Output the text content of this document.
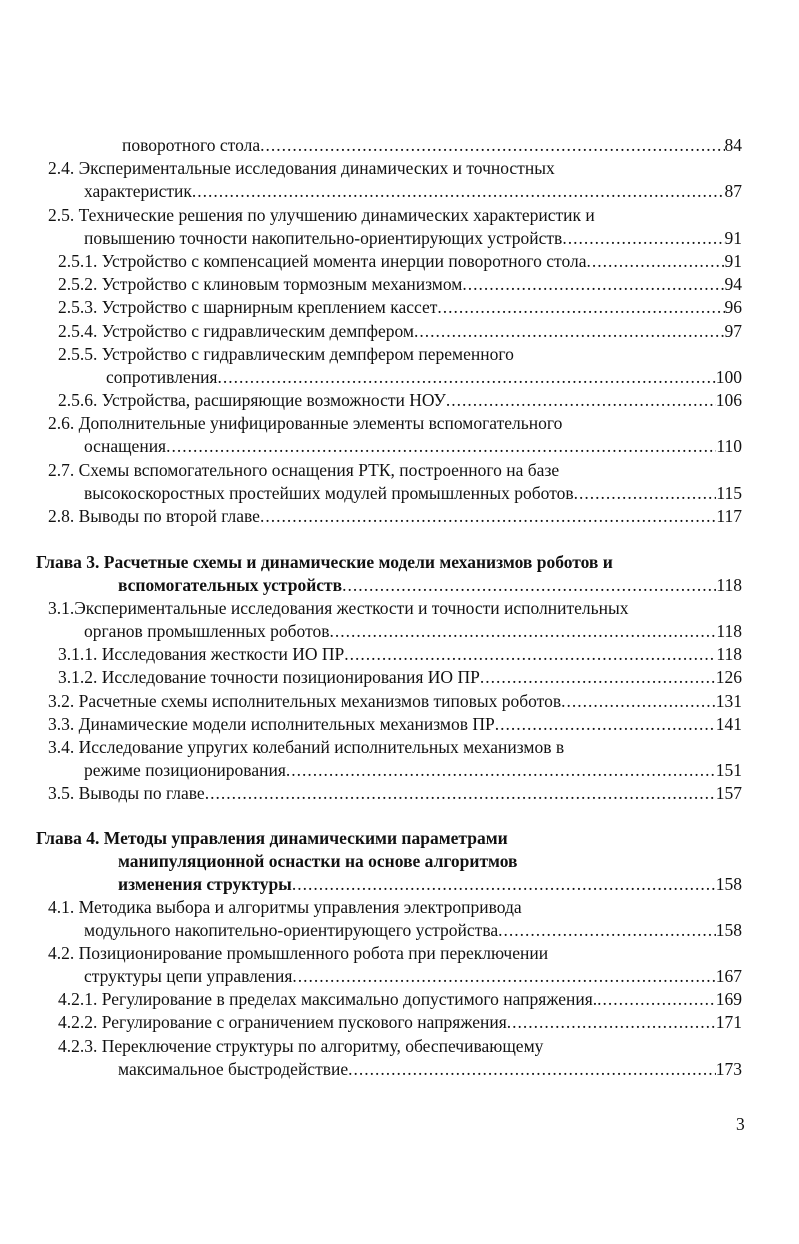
поворотного стола .....	84
2.4. Экспериментальные исследования динамических и точностных
характеристик .....	87
2.5. Технические решения по улучшению динамических характеристик и
повышению точности накопительно-ориентирующих устройств .....	91
2.5.1. Устройство с компенсацией момента инерции поворотного стола .....	91
2.5.2. Устройство с клиновым тормозным механизмом .....	94
2.5.3. Устройство с шарнирным креплением кассет .....	96
2.5.4. Устройство с гидравлическим демпфером .....	97
2.5.5. Устройство с гидравлическим демпфером переменного
сопротивления .....	100
2.5.6. Устройства, расширяющие возможности НОУ .....	106
2.6. Дополнительные унифицированные элементы вспомогательного
оснащения .....	110
2.7. Схемы вспомогательного оснащения РТК, построенного на базе
высокоскоростных простейших модулей промышленных роботов .....	115
2.8. Выводы по второй главе .....	117
Глава 3. Расчетные схемы и динамические модели механизмов роботов и
вспомогательных устройств .....	118
3.1.Экспериментальные исследования жесткости и точности исполнительных
органов промышленных роботов .....	118
3.1.1. Исследования жесткости ИО ПР .....	118
3.1.2. Исследование точности позиционирования ИО ПР .....	126
3.2. Расчетные схемы исполнительных механизмов типовых роботов .....	131
3.3. Динамические модели исполнительных механизмов ПР .....	141
3.4. Исследование упругих колебаний исполнительных механизмов в
режиме позиционирования .....	151
3.5. Выводы по главе .....	157
Глава 4. Методы управления динамическими параметрами
манипуляционной оснастки на основе алгоритмов
изменения структуры .....	158
4.1. Методика выбора и алгоритмы управления электропривода
модульного накопительно-ориентирующего устройства .....	158
4.2. Позиционирование промышленного робота при переключении
структуры цепи управления .....	167
4.2.1. Регулирование в пределах максимально допустимого напряжения. .....	169
4.2.2. Регулирование с ограничением пускового напряжения .....	171
4.2.3. Переключение структуры по алгоритму, обеспечивающему
максимальное быстродействие .....	173
3
